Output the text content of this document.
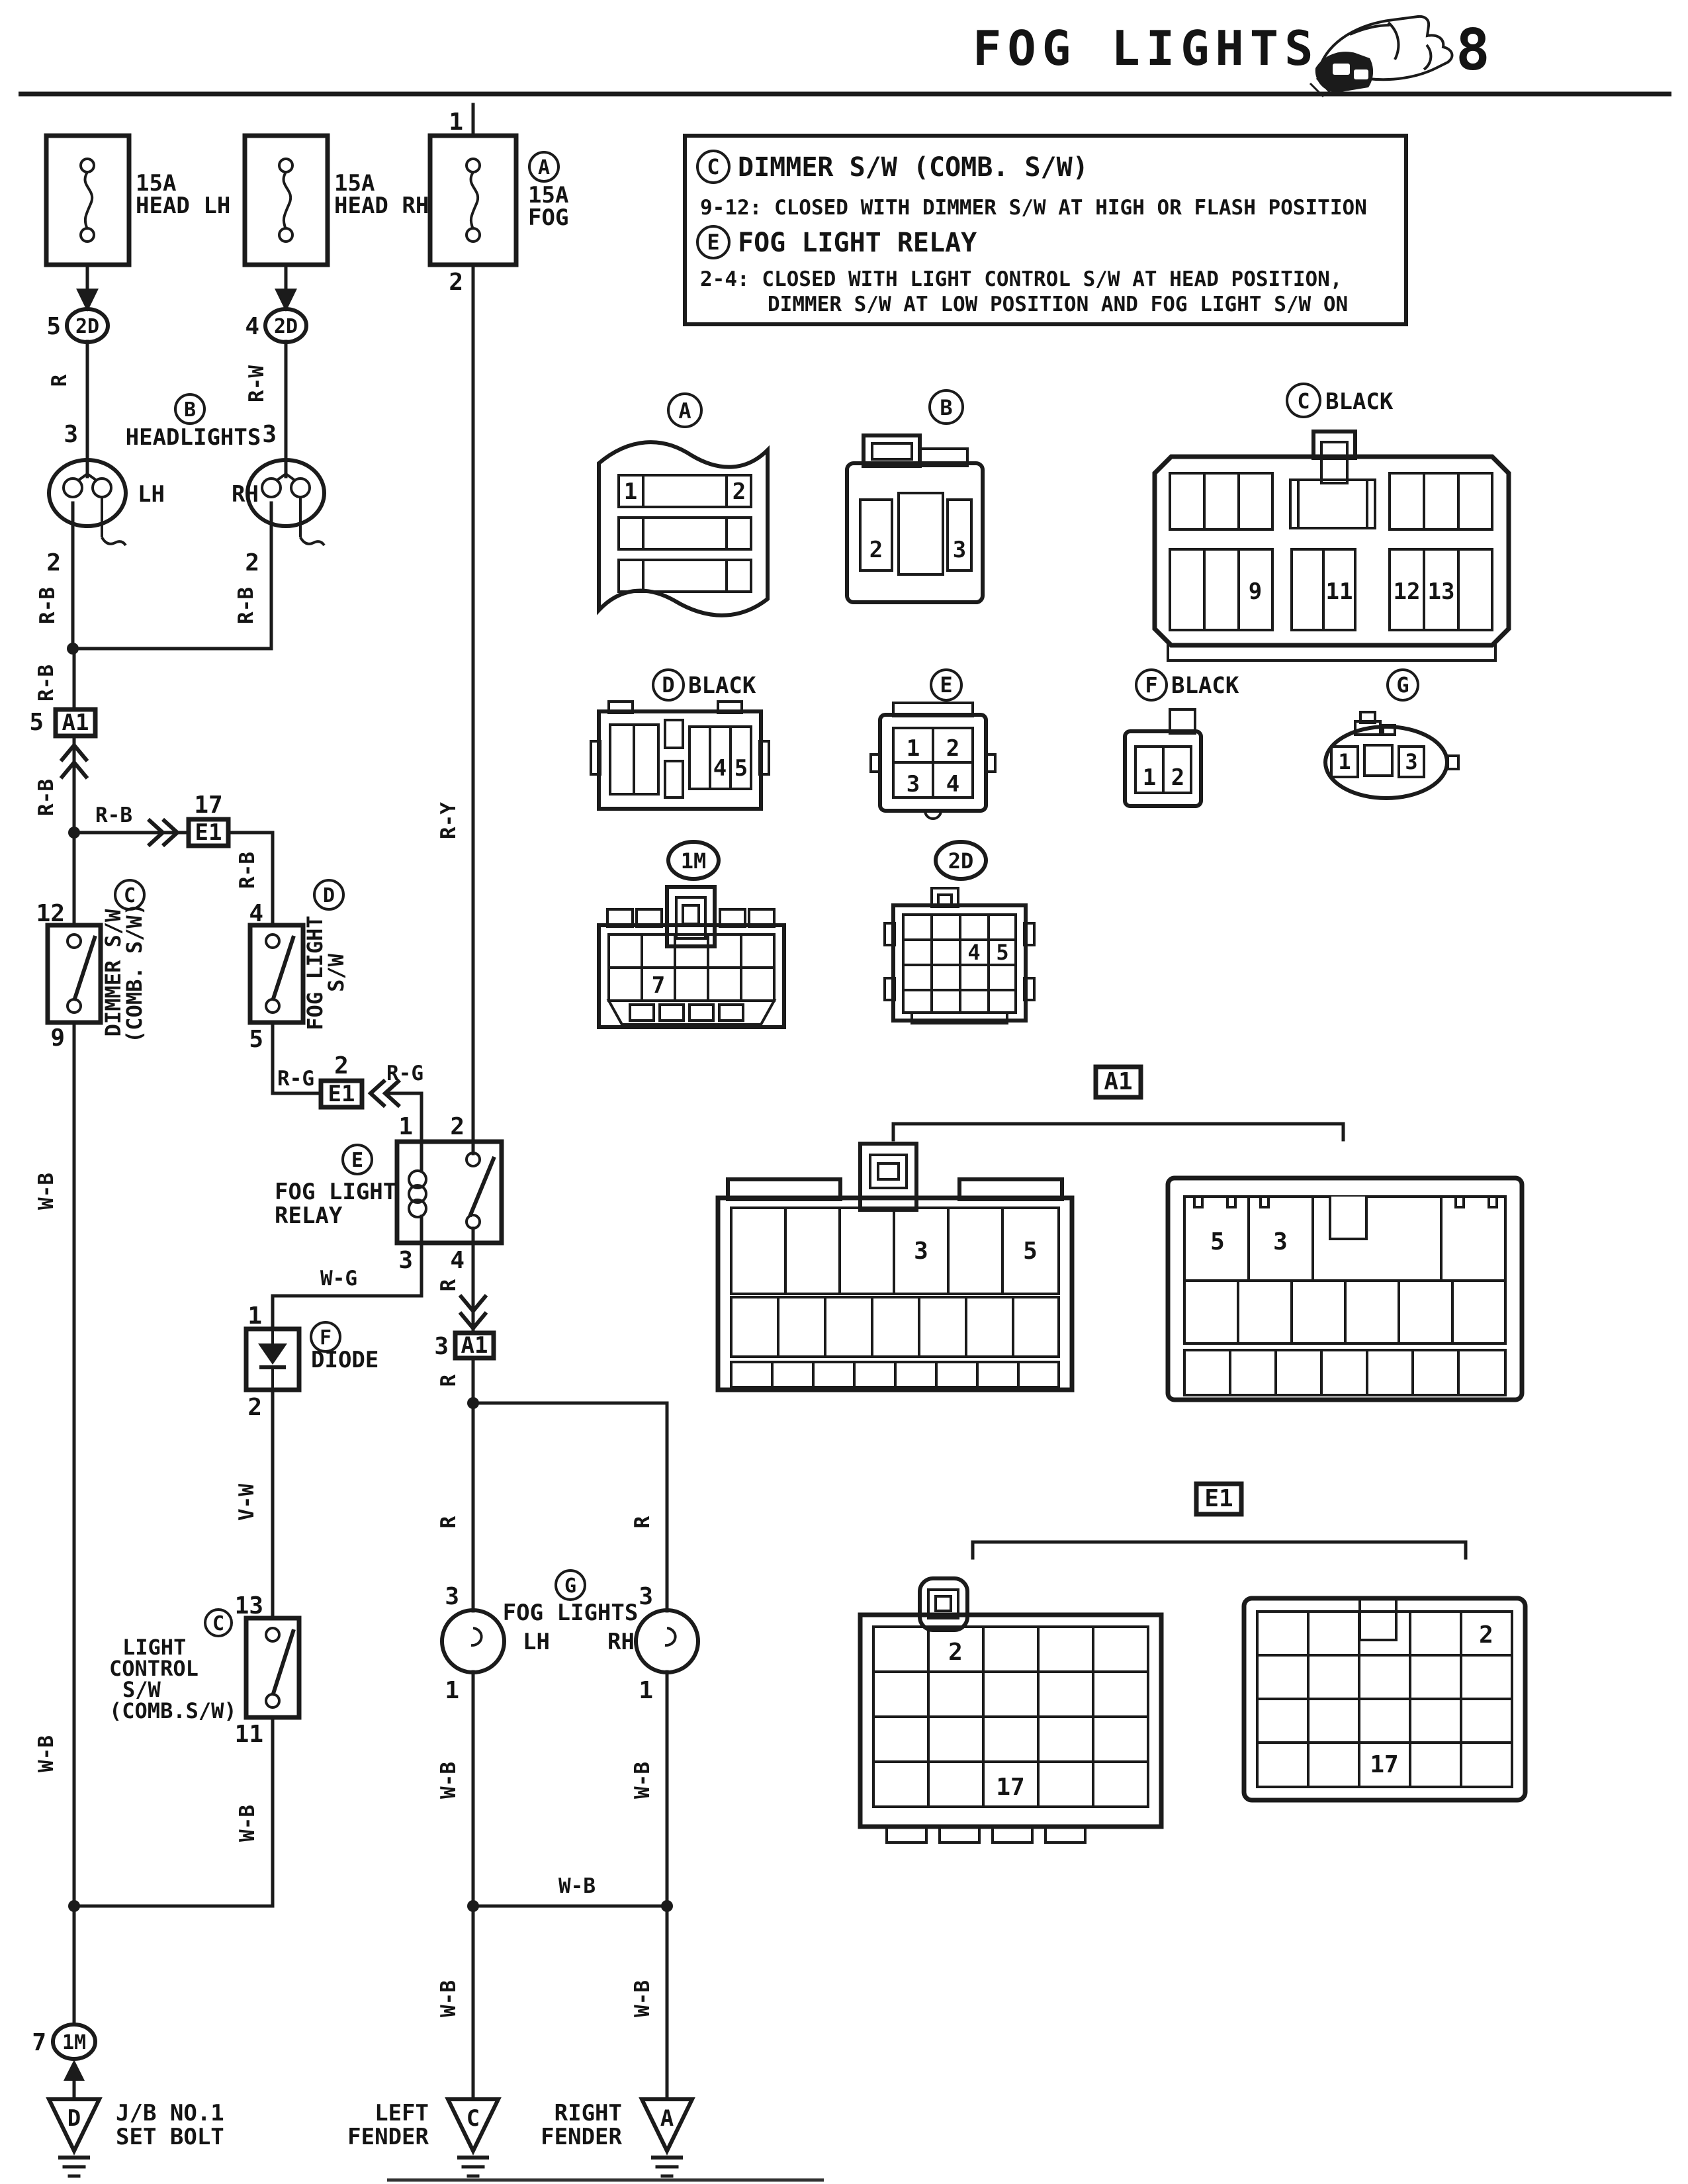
FOG LIGHTS 8
C DIMMER S/W (COMB. S/W)
9-12: CLOSED WITH DIMMER S/W AT HIGH OR FLASH POSITION
E FOG LIGHT RELAY
2-4: CLOSED WITH LIGHT CONTROL S/W AT HEAD POSITION,
DIMMER S/W AT LOW POSITION AND FOG LIGHT S/W ON
R	R-W
R-B	R-B
R-B
R-B R-B
R-B
R-Y
R-G	R-G
W-G	R
R
R	R
V-W
W-B
W-B
W-B
W-B	W-B
W-B
W-B	W-B
15A
HEAD LH
15A
HEAD RH
A
15A
FOG
1
2
2D
5	2D
4
B
HEADLIGHTS
3	3
LH	RH
2	2
A1
5
E1
17
12
9
C
DIMMER S/W
(COMB. S/W)	4
5
D
FOG LIGHT
S/W
E1
2
1 2
3 4
E
FOG LIGHT
RELAY
A1
3
1
2
F
DIODE
13
11
C
LIGHT
CONTROL
S/W
(COMB.S/W)
G
FOG LIGHTS
3	3
LH	RH
1	1
1M
7
D J/B NO.1
SET BOLT
C
LEFT
FENDER
A
RIGHT
FENDER
A
1	2
B
2	3
C BLACK
9	11 12 13
D BLACK
4 5
E
1 2
3 4
F BLACK
1 2
G
1	3
1M
7
2D
4 5
A1
3	5	5 3
E1
2
17
2
17
